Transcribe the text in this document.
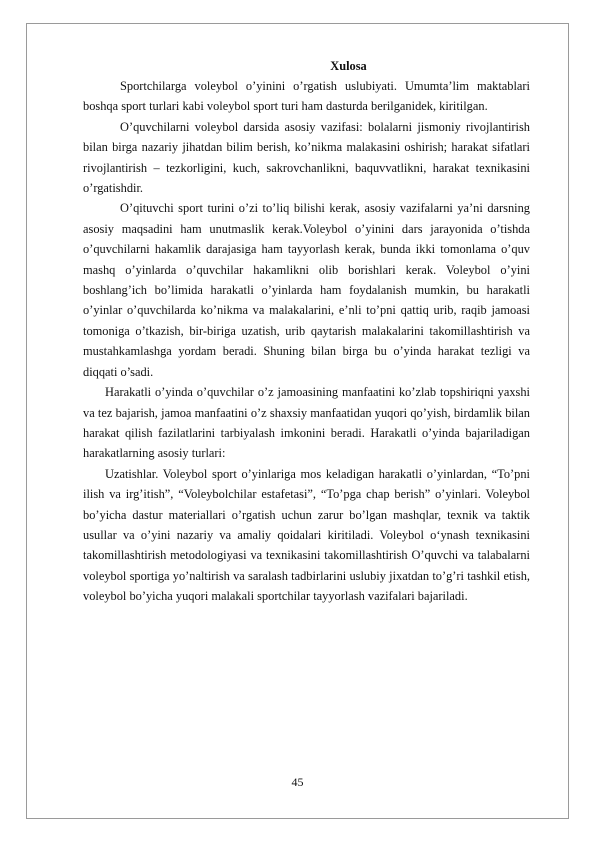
Xulosa

Sportchilarga voleybol o’yinini o’rgatish uslubiyati. Umumta’lim maktablari boshqa sport turlari kabi voleybol sport turi ham dasturda berilganidek, kiritilgan.

O’quvchilarni voleybol darsida asosiy vazifasi: bolalarni jismoniy rivojlantirish bilan birga nazariy jihatdan bilim berish, ko’nikma malakasini oshirish; harakat sifatlari rivojlantirish – tezkorligini, kuch, sakrovchanlikni, baquvvatlikni, harakat texnikasini o’rgatishdir.

O’qituvchi sport turini o’zi to’liq bilishi kerak, asosiy vazifalarni ya’ni darsning asosiy maqsadini ham unutmaslik kerak.Voleybol o’yinini dars jarayonida o’tishda o’quvchilarni hakamlik darajasiga ham tayyorlash kerak, bunda ikki tomonlama o’quv mashq o’yinlarda o’quvchilar hakamlikni olib borishlari kerak. Voleybol o’yini boshlang’ich bo’limida harakatli o’yinlarda ham foydalanish mumkin, bu harakatli o’yinlar o’quvchilarda ko’nikma va malakalarini, e’nli to’pni qattiq urib, raqib jamoasi tomoniga o’tkazish, bir-biriga uzatish, urib qaytarish malakalarini takomillashtirish va mustahkamlashga yordam beradi. Shuning bilan birga bu o’yinda harakat tezligi va diqqati o’sadi.

Harakatli o’yinda o’quvchilar o’z jamoasining manfaatini ko’zlab topshiriqni yaxshi va tez bajarish, jamoa manfaatini o’z shaxsiy manfaatidan yuqori qo’yish, birdamlik bilan harakat qilish fazilatlarini tarbiyalash imkonini beradi. Harakatli o’yinda bajariladigan harakatlarning asosiy turlari:

Uzatishlar. Voleybol sport o’yinlariga mos keladigan harakatli o’yinlardan, “To’pni ilish va irg’itish”, “Voleybolchilar estafetasi”, “To’pga chap berish” o’yinlari. Voleybol bo’yicha dastur materiallari o’rgatish uchun zarur bo’lgan mashqlar, texnik va taktik usullar va o’yini nazariy va amaliy qoidalari kiritiladi. Voleybol o‘ynash texnikasini takomillashtirish metodologiyasi va texnikasini takomillashtirish O’quvchi va talabalarni voleybol sportiga yo’naltirish va saralash tadbirlarini uslubiy jixatdan to’g’ri tashkil etish, voleybol bo’yicha yuqori malakali sportchilar tayyorlash vazifalari bajariladi.

45
